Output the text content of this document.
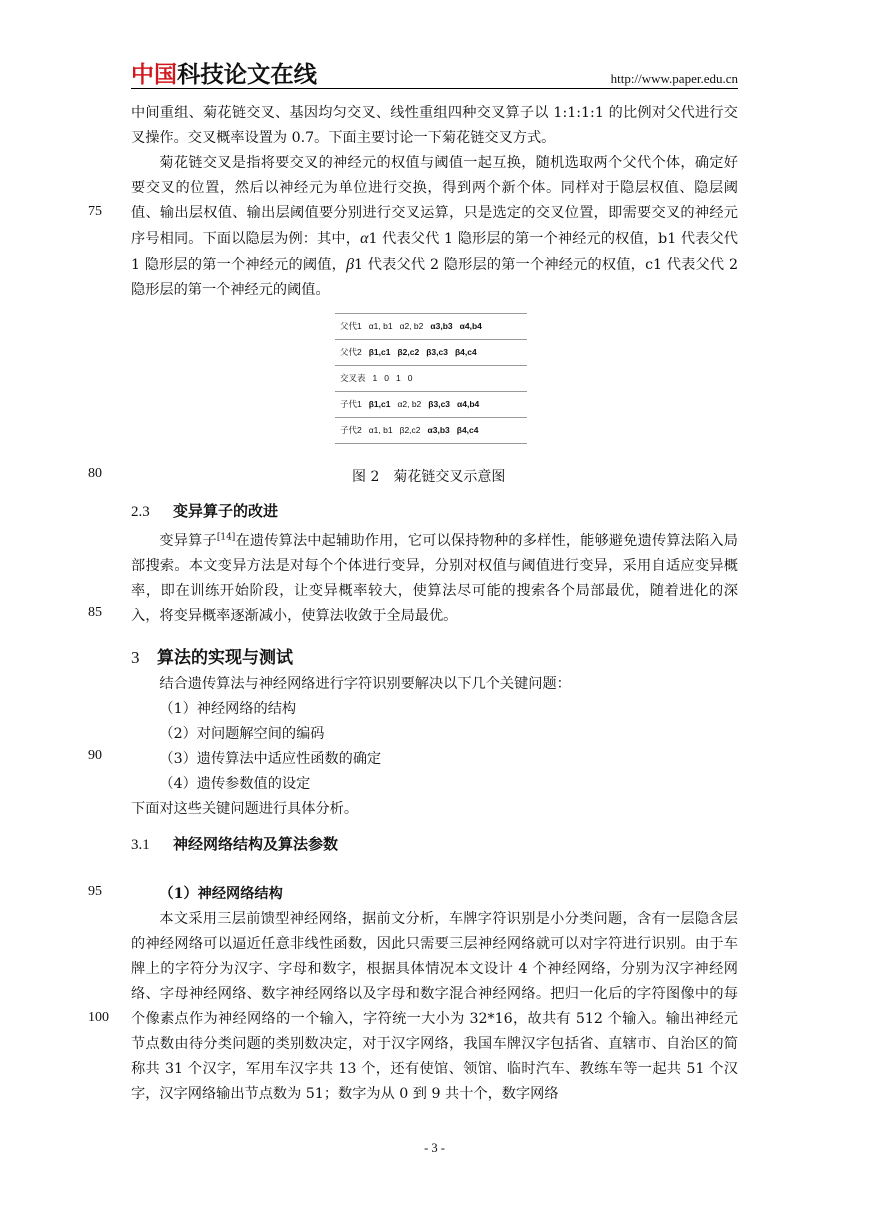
中国 科技论文在线	http://www.paper.edu.cn

中间重组、菊花链交叉、基因均匀交叉、线性重组四种交叉算子以 1:1:1:1 的比例对父代进行交叉操作。交叉概率设置为 0.7。下面主要讨论一下菊花链交叉方式。

菊花链交叉是指将要交叉的神经元的权值与阈值一起互换，随机选取两个父代个体，确定好要交叉的位置，然后以神经元为单位进行交换，得到两个新个体。同样对于隐层权值、隐层阈值、输出层权值、输出层阈值要分别进行交叉运算，只是选定的交叉位置，即需要交叉的神经元序号相同。下面以隐层为例：其中，α1 代表父代 1 隐形层的第一个神经元的权值，b1 代表父代 1 隐形层的第一个神经元的阈值，β1 代表父代 2 隐形层的第一个神经元的权值，c1 代表父代 2 隐形层的第一个神经元的阈值。
父代1 α1, b1 α2, b2 α3,b3 α4,b4
父代2 β1,c1 β2,c2 β3,c3 β4,c4
交叉表 1 0 1 0
子代1 β1,c1 α2, b2 β3,c3 α4,b4
子代2 α1, b1 β2,c2 α3,b3 β4,c4
图 2 菊花链交叉示意图
2.3 变异算子的改进
变异算子[14]在遗传算法中起辅助作用，它可以保持物种的多样性，能够避免遗传算法陷入局部搜索。本文变异方法是对每个个体进行变异，分别对权值与阈值进行变异，采用自适应变异概率，即在训练开始阶段，让变异概率较大，使算法尽可能的搜索各个局部最优，随着进化的深入，将变异概率逐渐减小，使算法收敛于全局最优。
3 算法的实现与测试
结合遗传算法与神经网络进行字符识别要解决以下几个关键问题：
（1）神经网络的结构
（2）对问题解空间的编码
（3）遗传算法中适应性函数的确定
（4）遗传参数值的设定
下面对这些关键问题进行具体分析。
3.1 神经网络结构及算法参数
（1）神经网络结构
本文采用三层前馈型神经网络，据前文分析，车牌字符识别是小分类问题，含有一层隐含层的神经网络可以逼近任意非线性函数，因此只需要三层神经网络就可以对字符进行识别。由于车牌上的字符分为汉字、字母和数字，根据具体情况本文设计 4 个神经网络，分别为汉字神经网络、字母神经网络、数字神经网络以及字母和数字混合神经网络。把归一化后的字符图像中的每个像素点作为神经网络的一个输入，字符统一大小为 32*16，故共有 512 个输入。输出神经元节点数由待分类问题的类别数决定，对于汉字网络，我国车牌汉字包括省、直辖市、自治区的简称共 31 个汉字，军用车汉字共 13 个，还有使馆、领馆、临时汽车、教练车等一起共 51 个汉字，汉字网络输出节点数为 51；数字为从 0 到 9 共十个，数字网络
75
80
85
90
95
100
- 3 -
